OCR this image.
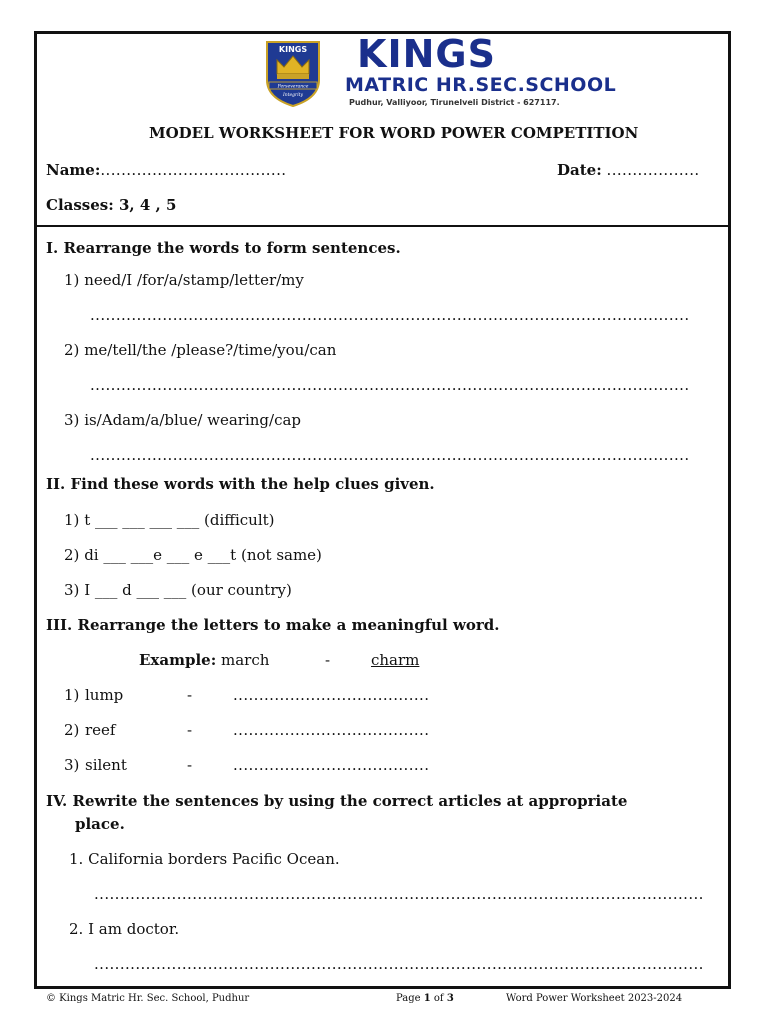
KINGS
Perseverance
Integrity
KINGS
MATRIC HR.SEC.SCHOOL
Pudhur, Valliyoor, Tirunelveli District - 627117.
MODEL WORKSHEET FOR WORD POWER COMPETITION
Name:....................................	Date: ..................
Classes: 3, 4 , 5
I. Rearrange the words to form sentences.
1) need/I /for/a/stamp/letter/my
....................................................................................................................
2) me/tell/the /please?/time/you/can
....................................................................................................................
3) is/Adam/a/blue/ wearing/cap
....................................................................................................................
II. Find these words with the help clues given.
1) t ___ ___ ___ ___ (difficult)
2) di ___ ___e ___ e ___t (not same)
3) I ___ d ___ ___ (our country)
III. Rearrange the letters to make a meaningful word.
Example: march	-	charm
1) lump	-	......................................
2) reef	-	......................................
3) silent	-	......................................
IV. Rewrite the sentences by using the correct articles at appropriate
place.
1. California borders Pacific Ocean.
......................................................................................................................
2. I am doctor.
......................................................................................................................
© Kings Matric Hr. Sec. School, Pudhur	Page 1 of 3	Word Power Worksheet 2023-2024
